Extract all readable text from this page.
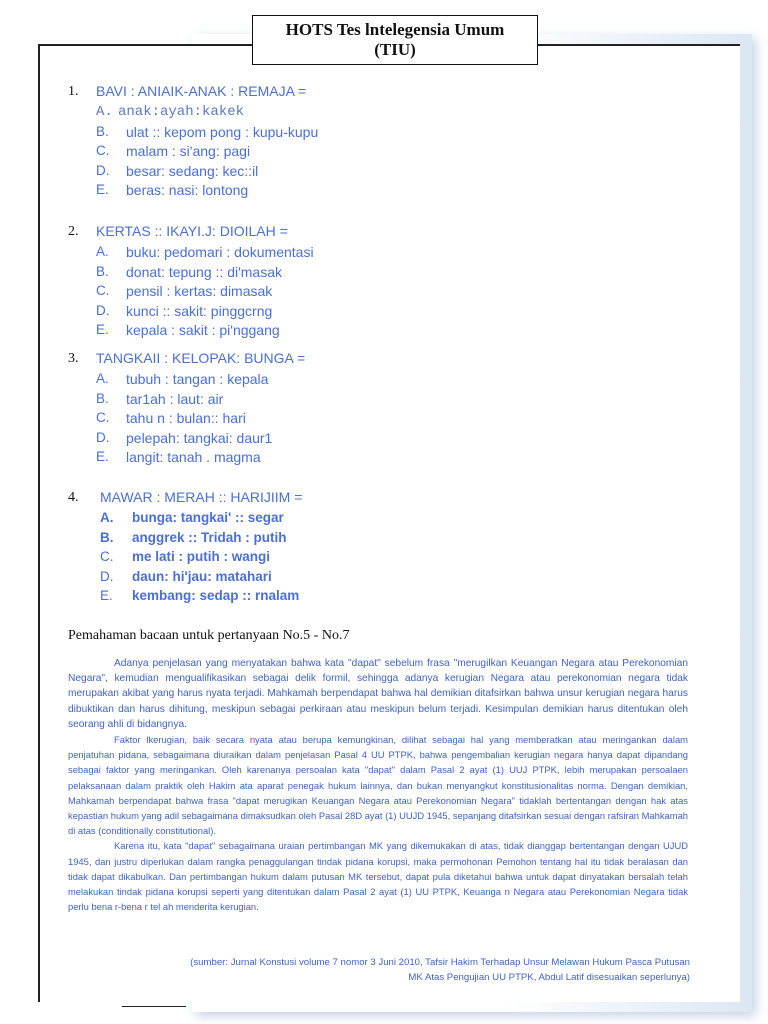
HOTS Tes lntelegensia Umum
(TIU)
1. BAVI : ANIAIK-ANAK : REMAJA =
A. anak:ayah:kakek
B. ulat :: kepom pong : kupu-kupu
C. malam : si'ang: pagi
D. besar: sedang: kec::il
E. beras: nasi: lontong
2. KERTAS :: IKAYI.J: DIOILAH =
A. buku: pedomari : dokumentasi
B. donat: tepung :: di'masak
C. pensil : kertas: dimasak
D. kunci :: sakit: pinggcrng
E. kepala : sakit : pi'nggang
3. TANGKAII : KELOPAK: BUNGA =
A. tubuh : tangan : kepala
B. tar1ah : laut: air
C. tahu n : bulan:: hari
D. pelepah: tangkai: daur1
E. langit: tanah . magma
4. MAWAR : MERAH :: HARIJIIM =
A. bunga: tangkai' :: segar
B. anggrek :: Tridah : putih
C. me lati : putih : wangi
D. daun: hi'jau: matahari
E. kembang: sedap :: rnalam
Pemahaman bacaan untuk pertanyaan No.5 - No.7

Adanya penjelasan yang menyatakan bahwa kata "dapat" sebelum frasa "merugilkan Keuangan Negara atau Perekonomian Negara", kemudian mengualifikasikan sebagai delik formil, sehingga adanya kerugian Negara atau perekonomian negara tidak merupakan akibat yang harus nyata terjadi. Mahkamah berpendapat bahwa hal demikian ditafsirkan bahwa unsur kerugian negara harus dibuktikan dan harus dihitung, meskipun sebagai perkiraan atau meskipun belum terjadi. Kesimpulan demikian harus ditentukan oleh seorang ahli di bidangnya.

Faktor lkerugian, baik secara nyata atau berupa kemungkinan, dilihat sebagai hal yang memberatkan atau meringankan dalam penjatuhan pidana, sebagaimana diuraikan dalam penjelasan Pasal 4 UU PTPK, bahwa pengembalian kerugian negara hanya dapat dipandang sebagai faktor yang meringankan. Oleh karenanya persoalan kata "dapat" dalam Pasal 2 ayat (1) UUJ PTPK, lebih merupakan persoalaen pelaksanaan dalam praktik oleh Hakim ata aparat penegak hukum lainnya, dan bukan menyangkut konstitusionalitas norma. Dengan demikian, Mahkamah berpendapat bahwa frasa "dapat merugikan Keuangan Negara atau Perekonomian Negara" tidaklah bertentangan dengan hak atas kepastian hukum yang adil sebagaimana dimaksudkan oleh Pasal 28D ayat (1) UUJD 1945, sepanjang ditafsirkan sesuai dengan rafsiran Mahkamah di atas (conditionally constitutional).

Karena itu, kata "dapat" sebagaimana uraian pertimbangan MK yang dikemukakan di atas, tidak dianggap bertentangan dengan UJUD 1945, dan justru diperlukan dalam rangka penaggulangan tindak pidana korupsi, maka permohonan Pemohon tentang hal itu tidak beralasan dan tidak dapat dikabulkan. Dan pertimbangan hukum dalam putusan MK tersebut, dapat pula diketahui bahwa untuk dapat dinyatakan bersalah telah melakukan tindak pidana korupsi seperti yang ditentukan dalam Pasal 2 ayat (1) UU PTPK, Keuanga n Negara atau Perekonomian Negara tidak perlu bena r-bena r tel ah menderita kerugian.

(sumber: Jurnal Konstusi volume 7 nomor 3 Juni 2010, Tafsir Hakim Terhadap Unsur Melawan Hukum Pasca Putusan
MK Atas Pengujian UU PTPK, Abdul Latif disesuaikan seperlunya)
